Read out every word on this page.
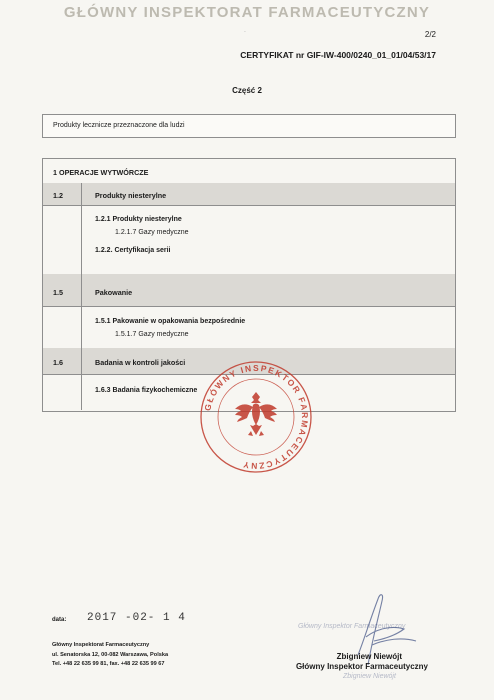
GŁÓWNY INSPEKTORAT FARMACEUTYCZNY
`	2/2
CERTYFIKAT nr GIF-IW-400/0240_01_01/04/53/17
Część 2
Produkty lecznicze przeznaczone dla ludzi
1 OPERACJE WYTWÓRCZE
1.2	Produkty niesterylne
1.2.1 Produkty niesterylne
1.2.1.7 Gazy medyczne
1.2.2. Certyfikacja serii
1.5	Pakowanie
1.5.1 Pakowanie w opakowania bezpośrednie
1.5.1.7 Gazy medyczne
1.6	Badania w kontroli jakości
1.6.3 Badania fizykochemiczne
GŁÓWNY INSPEKTOR FARMACEUTYCZNY
data: 2017 -02- 1 4
Główny Inspektorat Farmaceutyczny
ul. Senatorska 12, 00-082 Warszawa, Polska
Tel. +48 22 635 99 81, fax. +48 22 635 99 67
Główny Inspektor Farmaceutyczny
Zbigniew Niewójt
Główny Inspektor Farmaceutyczny
Zbigniew Niewójt
